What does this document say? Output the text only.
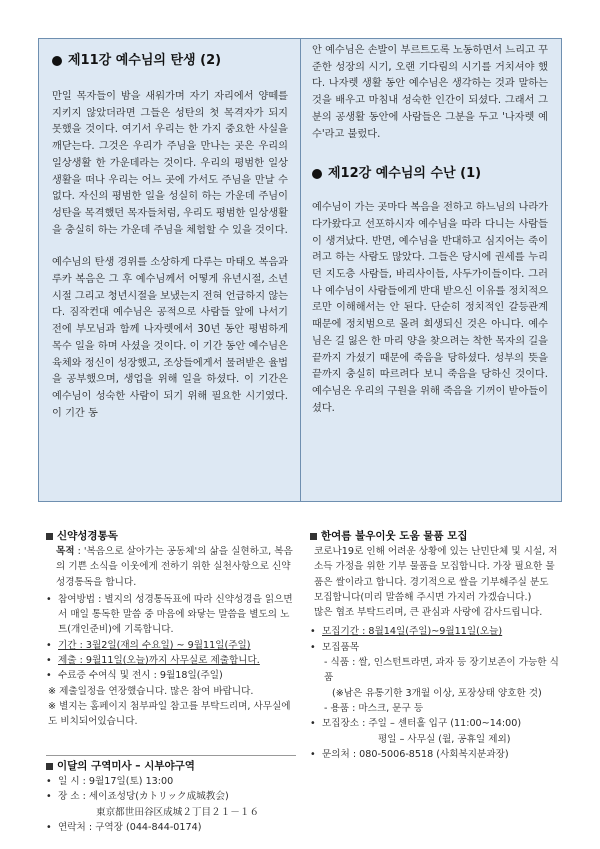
제11강 예수님의 탄생 (2)

만일 목자들이 밤을 새워가며 자기 자리에서 양떼를 지키지 않았더라면 그들은 성탄의 첫 목격자가 되지 못했을 것이다. 여기서 우리는 한 가지 중요한 사실을 깨닫는다. 그것은 우리가 주님을 만나는 곳은 우리의 일상생활 한 가운데라는 것이다. 우리의 평범한 일상생활을 떠나 우리는 어느 곳에 가서도 주님을 만날 수 없다. 자신의 평범한 일을 성실히 하는 가운데 주님이 성탄을 목격했던 목자들처럼, 우리도 평범한 일상생활을 충실히 하는 가운데 주님을 체험할 수 있을 것이다.

예수님의 탄생 경위를 소상하게 다루는 마태오 복음과 루카 복음은 그 후 예수님께서 어떻게 유년시절, 소년시절 그리고 청년시절을 보냈는지 전혀 언급하지 않는다. 짐작컨대 예수님은 공적으로 사람들 앞에 나서기 전에 부모님과 함께 나자렛에서 30년 동안 평범하게 목수 일을 하며 사셨을 것이다. 이 기간 동안 예수님은 육체와 정신이 성장했고, 조상들에게서 물려받은 율법을 공부했으며, 생업을 위해 일을 하셨다. 이 기간은 예수님이 성숙한 사람이 되기 위해 필요한 시기였다. 이 기간 동

안 예수님은 손발이 부르트도록 노동하면서 느리고 꾸준한 성장의 시기, 오랜 기다림의 시기를 거치셔야 했다. 나자렛 생활 동안 예수님은 생각하는 것과 말하는 것을 배우고 마침내 성숙한 인간이 되셨다. 그래서 그분의 공생활 동안에 사람들은 그분을 두고 '나자렛 예수'라고 불렀다.

제12강 예수님의 수난 (1)

예수님이 가는 곳마다 복음을 전하고 하느님의 나라가 다가왔다고 선포하시자 예수님을 따라 다니는 사람들이 생겨났다. 반면, 예수님을 반대하고 심지어는 죽이려고 하는 사람도 많았다. 그들은 당시에 권세를 누리던 지도층 사람들, 바리사이들, 사두가이들이다. 그러나 예수님이 사람들에게 반대 받으신 이유를 정치적으로만 이해해서는 안 된다. 단순히 정치적인 갈등관계 때문에 정치범으로 몰려 희생되신 것은 아니다. 예수님은 길 잃은 한 마리 양을 찾으려는 착한 목자의 길을 끝까지 가셨기 때문에 죽음을 당하셨다. 성부의 뜻을 끝까지 충실히 따르려다 보니 죽음을 당하신 것이다. 예수님은 우리의 구원을 위해 죽음을 기꺼이 받아들이셨다.

신약성경통독

목적 : '복음으로 살아가는 공동체'의 삶을 실현하고, 복음의 기쁜 소식을 이웃에게 전하기 위한 실천사항으로 신약성경통독을 합니다.

• 참여방법 : 별지의 성경통독표에 따라 신약성경을 읽으면서 매일 통독한 말씀 중 마음에 와닿는 말씀을 별도의 노트(개인준비)에 기록합니다.
• 기간 : 3월2일(재의 수요일) ~ 9월11일(주일)
• 제출 : 9월11일(오늘)까지 사무실로 제출합니다.
• 수료증 수여식 및 전시 : 9월18일(주일)

※ 제출일정을 연장했습니다. 많은 참여 바랍니다.

※ 별지는 홈페이지 첨부파일 참고를 부탁드리며, 사무실에도 비치되어있습니다.

이달의 구역미사 – 시부야구역
• 일 시 : 9월17일(토) 13:00
• 장 소 : 세이죠성당(カトリック成城教会)

東京都世田谷区成城２丁目２１－１６

• 연락처 : 구역장 (044-844-0174)
한여름 불우이웃 도움 물품 모집

코로나19로 인해 어려운 상황에 있는 난민단체 및 시설, 저소득 가정을 위한 기부 물품을 모집합니다. 가장 필요한 물품은 쌀이라고 합니다. 경기적으로 쌀을 기부해주실 분도 모집합니다(미리 말씀해 주시면 가지러 가겠습니다.)

많은 협조 부탁드리며, 큰 관심과 사랑에 감사드립니다.

• 모집기간 : 8월14일(주일)~9월11일(오늘)
• 모집품목

- 식품 : 쌀, 인스턴트라면, 과자 등 장기보존이 가능한 식품

(※남은 유통기한 3개월 이상, 포장상태 양호한 것)

- 용품 : 마스크, 문구 등

• 모집장소 : 주일 – 센터홀 입구 (11:00~14:00)

평일 – 사무실 (월, 공휴일 제외)

• 문의처 : 080-5006-8518 (사회복지분과장)
